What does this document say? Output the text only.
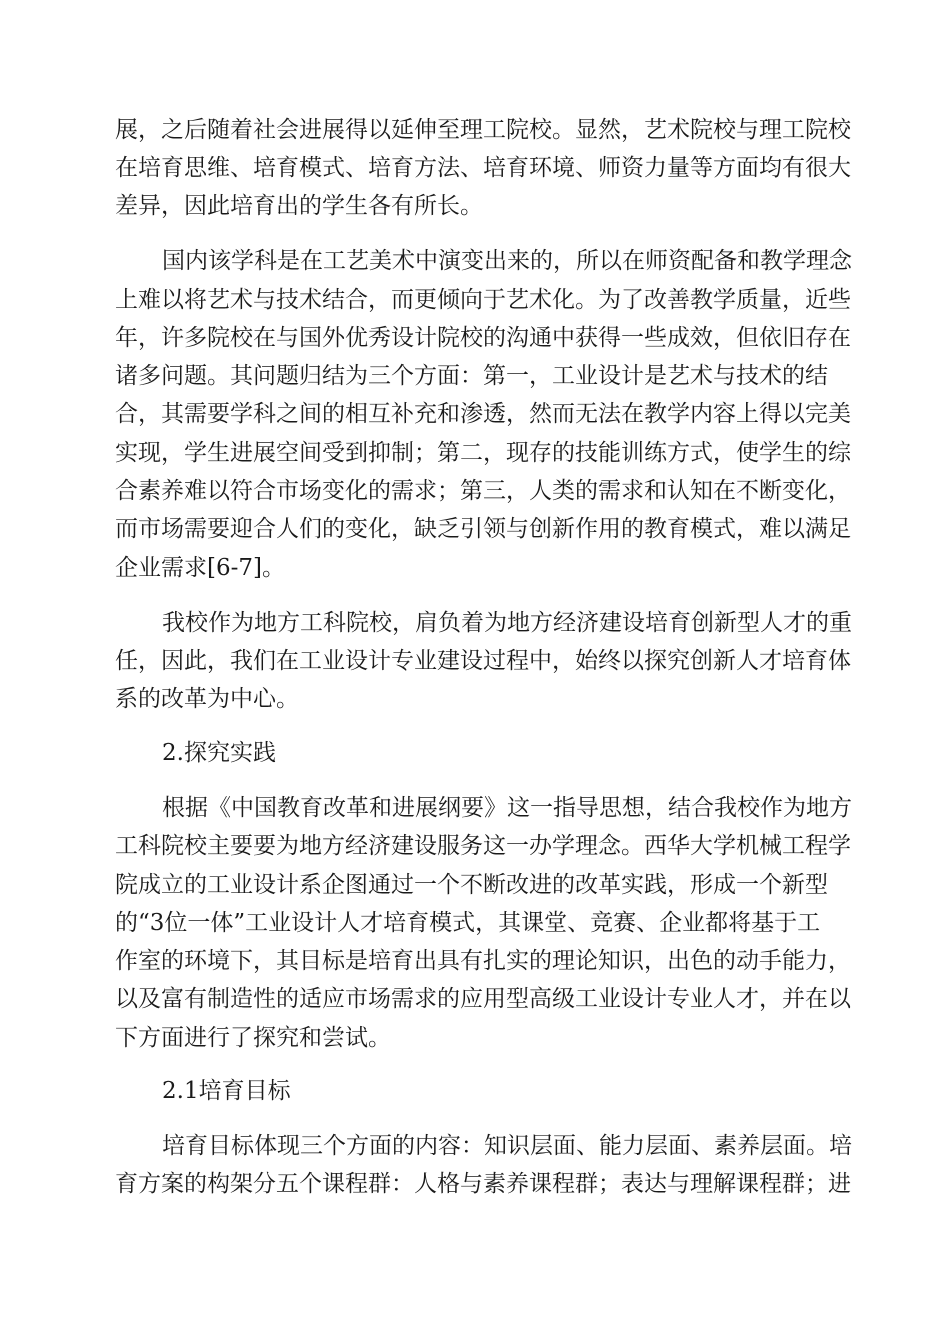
展，之后随着社会进展得以延伸至理工院校。显然，艺术院校与理工院校
在培育思维、培育模式、培育方法、培育环境、师资力量等方面均有很大
差异，因此培育出的学生各有所长。
国内该学科是在工艺美术中演变出来的，所以在师资配备和教学理念
上难以将艺术与技术结合，而更倾向于艺术化。为了改善教学质量，近些
年，许多院校在与国外优秀设计院校的沟通中获得一些成效，但依旧存在
诸多问题。其问题归结为三个方面：第一，工业设计是艺术与技术的结
合，其需要学科之间的相互补充和渗透，然而无法在教学内容上得以完美
实现，学生进展空间受到抑制；第二，现存的技能训练方式，使学生的综
合素养难以符合市场变化的需求；第三，人类的需求和认知在不断变化，
而市场需要迎合人们的变化，缺乏引领与创新作用的教育模式，难以满足
企业需求[6-7]。
我校作为地方工科院校，肩负着为地方经济建设培育创新型人才的重
任，因此，我们在工业设计专业建设过程中，始终以探究创新人才培育体
系的改革为中心。
2.探究实践
根据《中国教育改革和进展纲要》这一指导思想，结合我校作为地方
工科院校主要要为地方经济建设服务这一办学理念。西华大学机械工程学
院成立的工业设计系企图通过一个不断改进的改革实践，形成一个新型
的“3位一体”工业设计人才培育模式，其课堂、竞赛、企业都将基于工
作室的环境下，其目标是培育出具有扎实的理论知识，出色的动手能力，
以及富有制造性的适应市场需求的应用型高级工业设计专业人才，并在以
下方面进行了探究和尝试。
2.1培育目标
培育目标体现三个方面的内容：知识层面、能力层面、素养层面。培
育方案的构架分五个课程群：人格与素养课程群；表达与理解课程群；进
